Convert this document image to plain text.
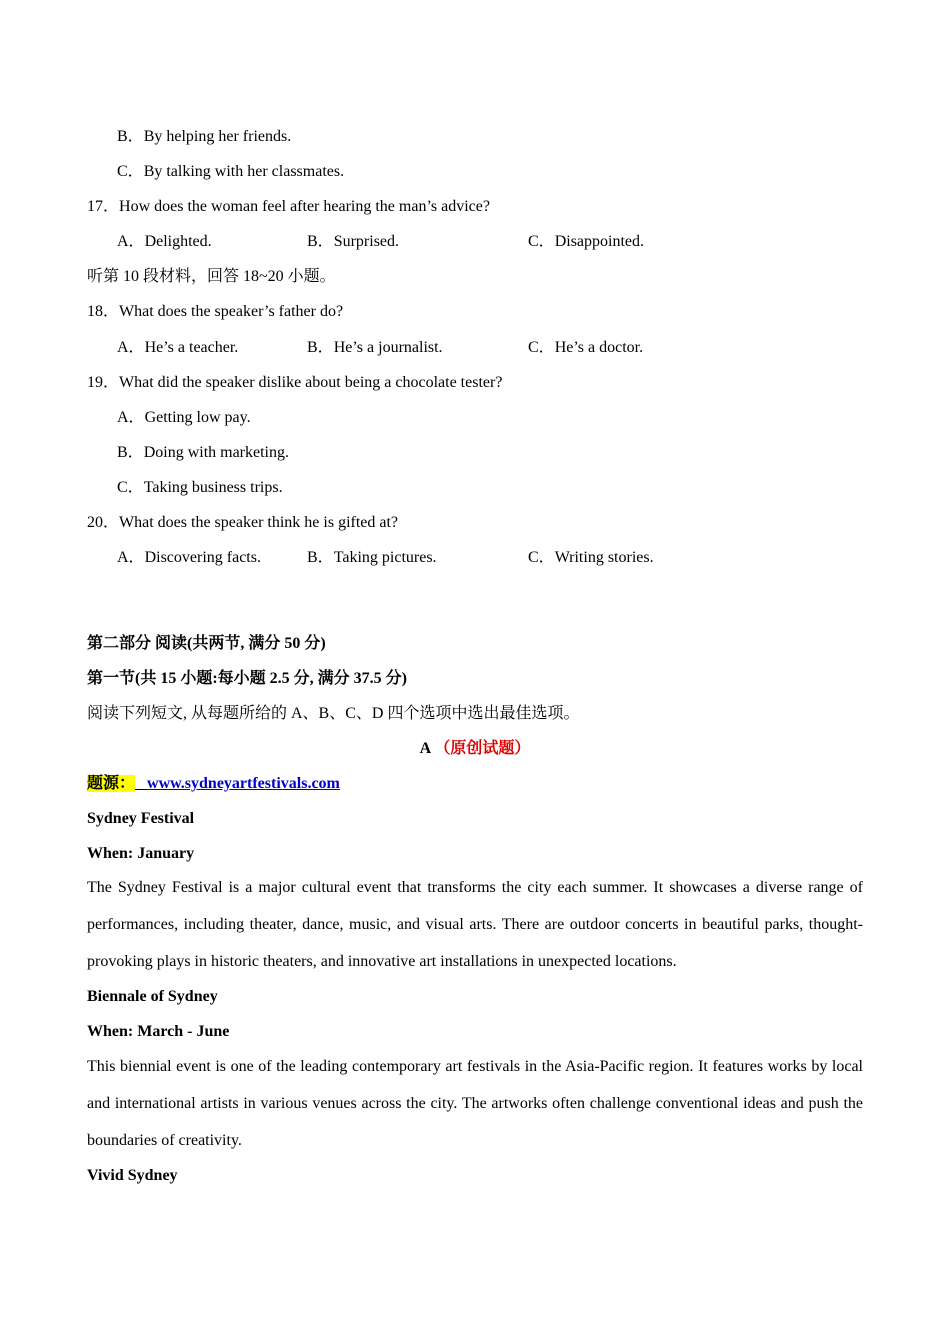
B．By helping her friends.
C．By talking with her classmates.
17．How does the woman feel after hearing the man’s advice?
A．Delighted.	B．Surprised.	C．Disappointed.
听第 10 段材料，回答 18~20 小题。
18．What does the speaker’s father do?
A．He’s a teacher.	B．He’s a journalist.	C．He’s a doctor.
19．What did the speaker dislike about being a chocolate tester?
A．Getting low pay.
B．Doing with marketing.
C．Taking business trips.
20．What does the speaker think he is gifted at?
A．Discovering facts.	B．Taking pictures.	C．Writing stories.
第二部分 阅读(共两节, 满分 50 分)
第一节(共 15 小题:每小题 2.5 分, 满分 37.5 分)
阅读下列短文, 从每题所给的 A、B、C、D 四个选项中选出最佳选项。
A （原创试题）
题源： www.sydneyartfestivals.com
Sydney Festival
When: January
The Sydney Festival is a major cultural event that transforms the city each summer. It showcases a diverse range of performances, including theater, dance, music, and visual arts. There are outdoor concerts in beautiful parks, thought-provoking plays in historic theaters, and innovative art installations in unexpected locations.
Biennale of Sydney
When: March - June
This biennial event is one of the leading contemporary art festivals in the Asia-Pacific region. It features works by local and international artists in various venues across the city. The artworks often challenge conventional ideas and push the boundaries of creativity.
Vivid Sydney
